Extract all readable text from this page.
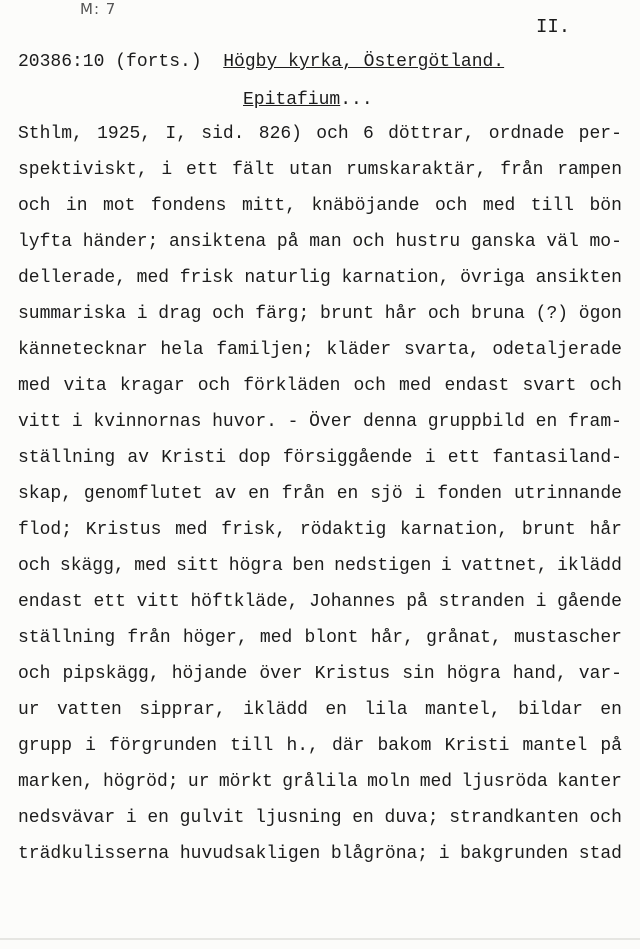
M: 7
II.
20386:10 (forts.) Högby kyrka, Östergötland.
Epitafium...
Sthlm, 1925, I, sid. 826) och 6 döttrar, ordnade per-
spektiviskt, i ett fält utan rumskaraktär, från rampen
och in mot fondens mitt, knäböjande och med till bön
lyfta händer; ansiktena på man och hustru ganska väl mo-
dellerade, med frisk naturlig karnation, övriga ansikten
summariska i drag och färg; brunt hår och bruna (?) ögon
kännetecknar hela familjen; kläder svarta, odetaljerade
med vita kragar och förkläden och med endast svart och
vitt i kvinnornas huvor. - Över denna gruppbild en fram-
ställning av Kristi dop försiggående i ett fantasiland-
skap, genomflutet av en från en sjö i fonden utrinnande
flod; Kristus med frisk, rödaktig karnation, brunt hår
och skägg, med sitt högra ben nedstigen i vattnet, iklädd
endast ett vitt höftkläde, Johannes på stranden i gående
ställning från höger, med blont hår, grånat, mustascher
och pipskägg, höjande över Kristus sin högra hand, var-
ur vatten sipprar, iklädd en lila mantel, bildar en
grupp i förgrunden till h., där bakom Kristi mantel på
marken, högröd; ur mörkt grålila moln med ljusröda kanter
nedsvävar i en gulvit ljusning en duva; strandkanten och
trädkulisserna huvudsakligen blågröna; i bakgrunden stad
